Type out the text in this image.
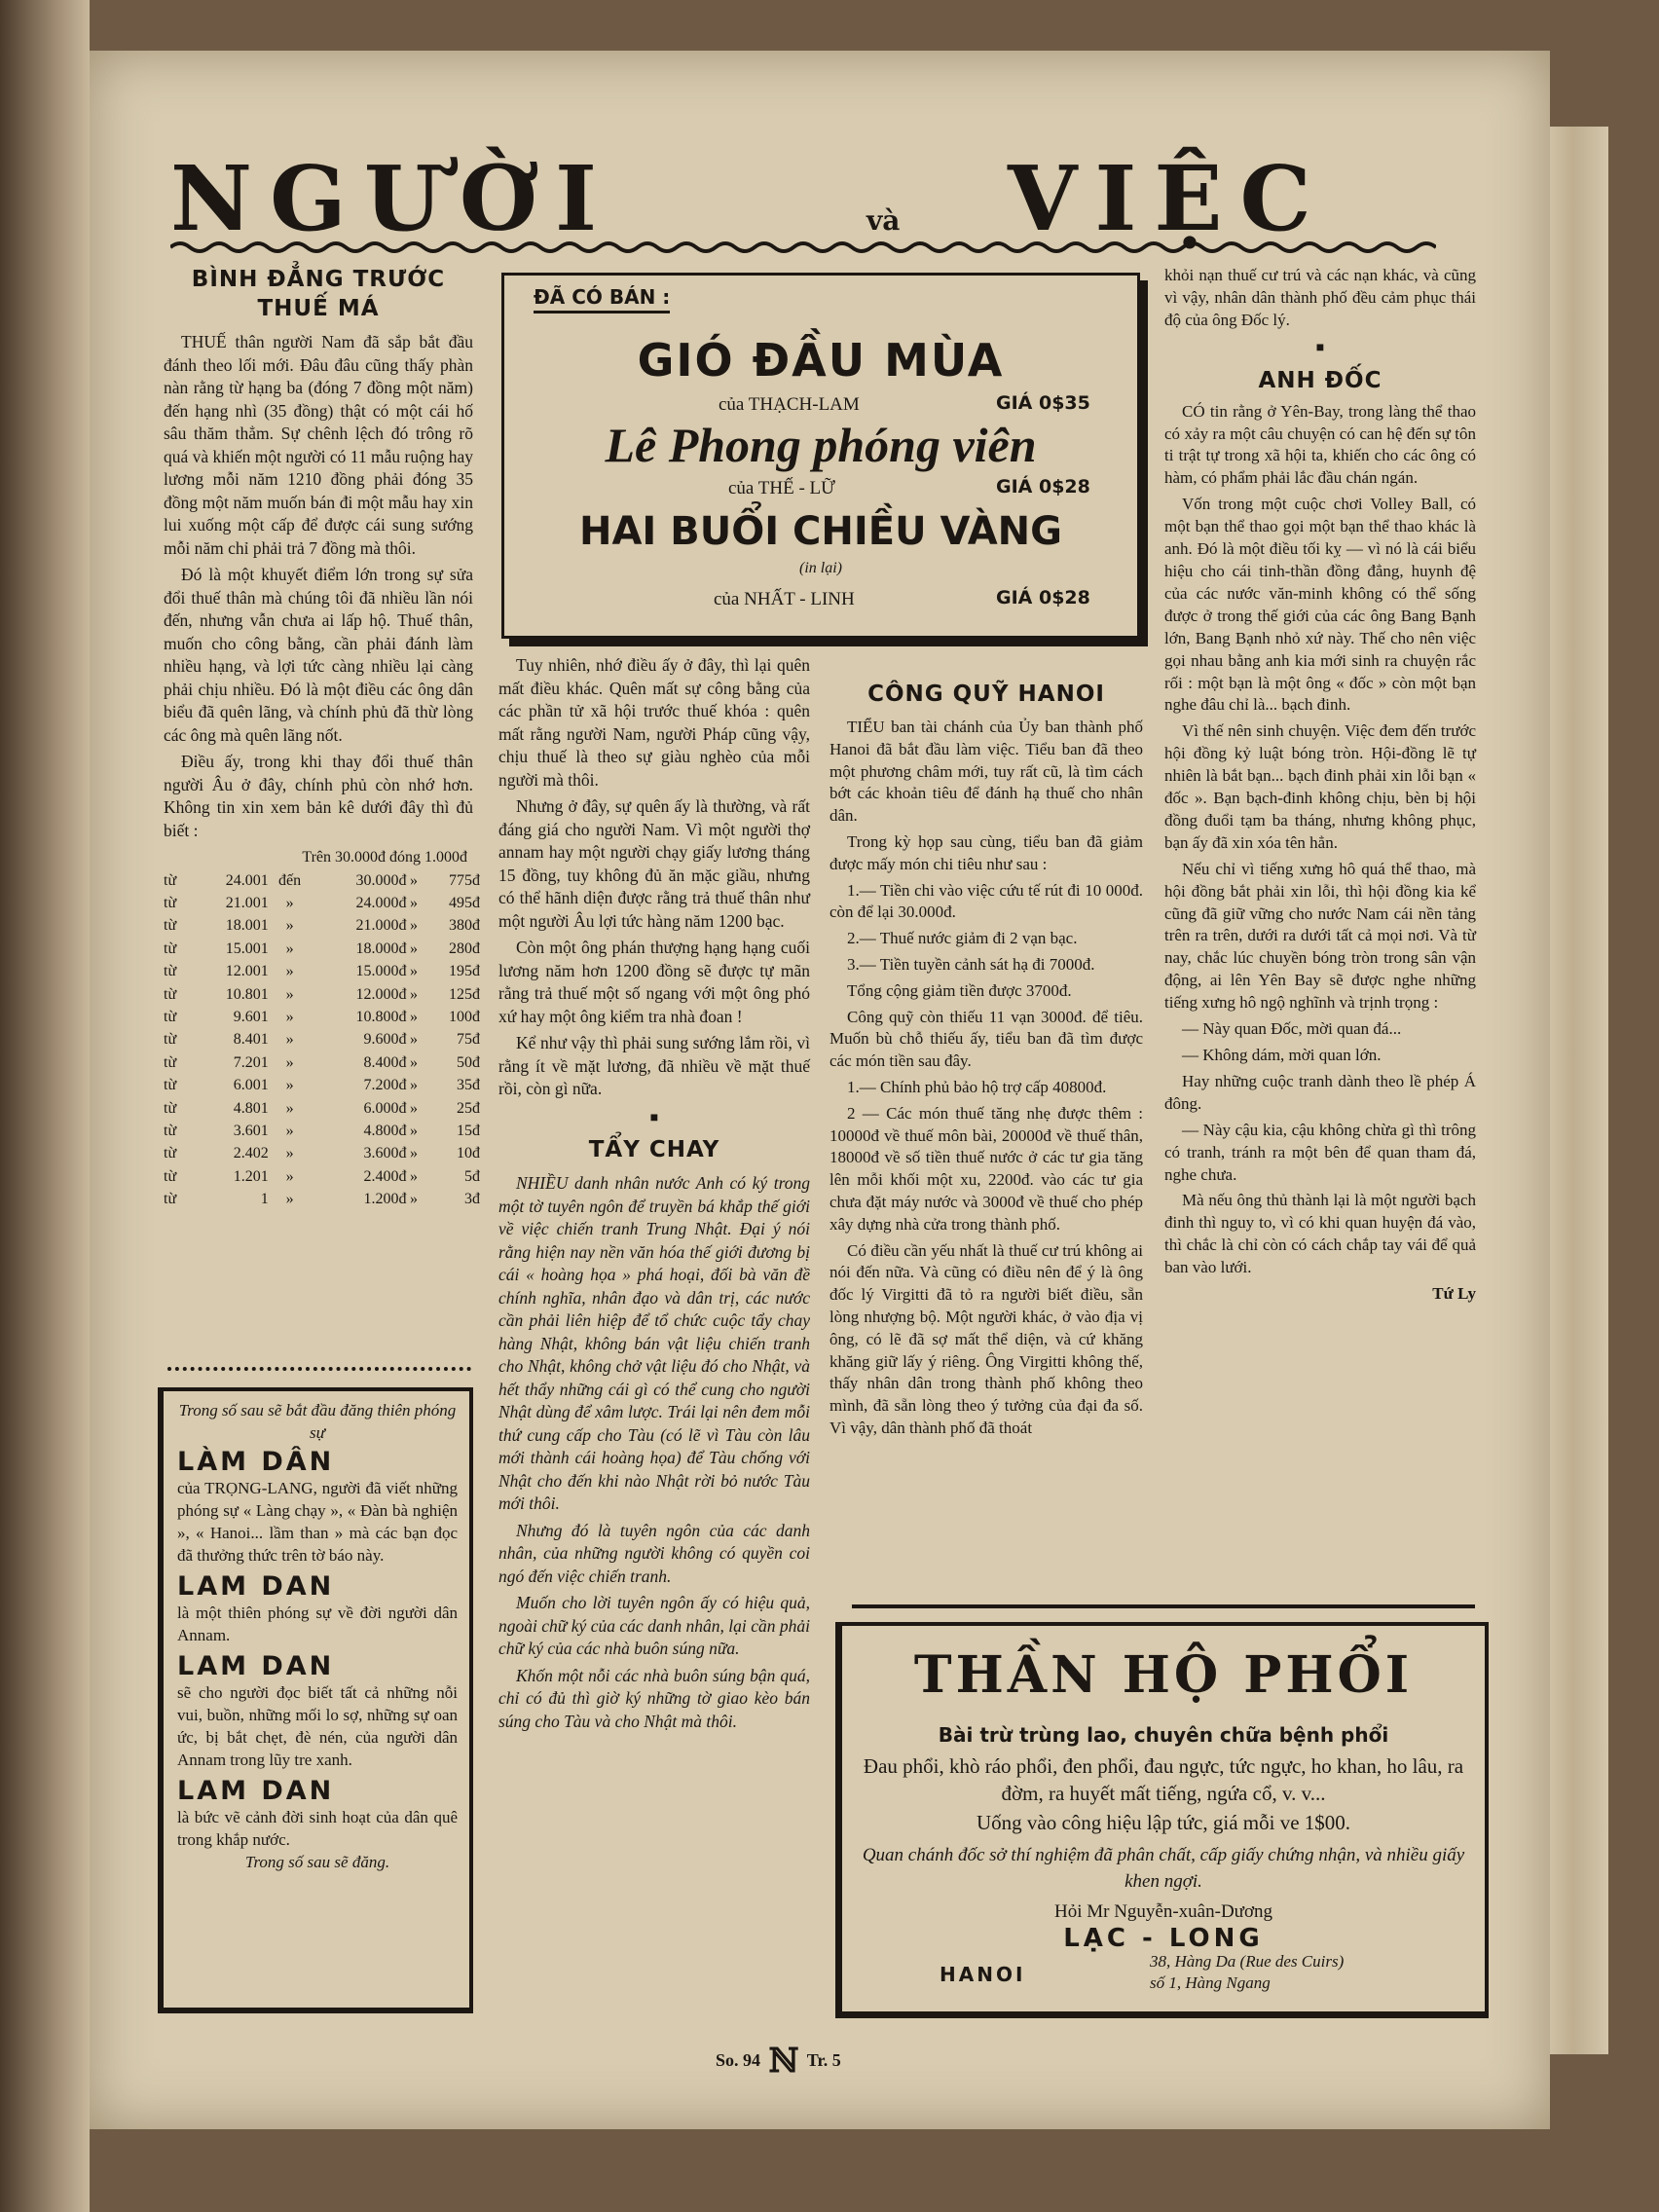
NGƯỜI	và VIỆC
BÌNH ĐẲNG TRƯỚC
THUẾ MÁ

THUẾ thân người Nam đã sắp bắt đầu đánh theo lối mới. Đâu đâu cũng thấy phàn nàn rằng từ hạng ba (đóng 7 đồng một năm) đến hạng nhì (35 đồng) thật có một cái hố sâu thăm thẳm. Sự chênh lệch đó trông rõ quá và khiến một người có 11 mẫu ruộng hay lương mỗi năm 1210 đồng phải đóng 35 đồng một năm muốn bán đi một mẫu hay xin lui xuống một cấp để được cái sung sướng mỗi năm chỉ phải trả 7 đồng mà thôi.

Đó là một khuyết điểm lớn trong sự sửa đổi thuế thân mà chúng tôi đã nhiều lần nói đến, nhưng vẫn chưa ai lấp hộ. Thuế thân, muốn cho công bằng, cần phải đánh làm nhiều hạng, và lợi tức càng nhiều lại càng phải chịu nhiều. Đó là một điều các ông dân biểu đã quên lãng, và chính phủ đã thừ lòng các ông mà quên lãng nốt.

Điều ấy, trong khi thay đổi thuế thân người Âu ở đây, chính phủ còn nhớ hơn. Không tin xin xem bản kê dưới đây thì đủ biết :

Trên 30.000đ đóng 1.000đ
từ	24.001	đến	30.000đ	»	775đ
từ	21.001	»	24.000đ	»	495đ
từ	18.001	»	21.000đ	»	380đ
từ	15.001	»	18.000đ	»	280đ
từ	12.001	»	15.000đ	»	195đ
từ	10.801	»	12.000đ	»	125đ
từ	9.601	»	10.800đ	»	100đ
từ	8.401	»	9.600đ	»	75đ
từ	7.201	»	8.400đ	»	50đ
từ	6.001	»	7.200đ	»	35đ
từ	4.801	»	6.000đ	»	25đ
từ	3.601	»	4.800đ	»	15đ
từ	2.402	»	3.600đ	»	10đ
từ	1.201	»	2.400đ	»	5đ
từ	1	»	1.200đ	»	3đ
Trong số sau sẽ bắt đầu đăng thiên phóng sự
LÀM DÂN
của TRỌNG-LANG, người đã viết những phóng sự « Làng chạy », « Đàn bà nghiện », « Hanoi... lầm than » mà các bạn đọc đã thưởng thức trên tờ báo này.
LAM DAN
là một thiên phóng sự về đời người dân Annam.
LAM DAN
sẽ cho người đọc biết tất cả những nỗi vui, buồn, những mối lo sợ, những sự oan ức, bị bắt chẹt, đè nén, của người dân Annam trong lũy tre xanh.
LAM DAN
là bức vẽ cảnh đời sinh hoạt của dân quê trong khắp nước.
Trong số sau sẽ đăng.
ĐÃ CÓ BÁN :
GIÓ ĐẦU MÙA
của THẠCH-LAM	GIÁ 0$35
Lê Phong phóng viên
của THẾ - LỮ	GIÁ 0$28
HAI BUỔI CHIỀU VÀNG
(in lại)
của NHẤT - LINH	GIÁ 0$28

Tuy nhiên, nhớ điều ấy ở đây, thì lại quên mất điều khác. Quên mất sự công bằng của các phần tử xã hội trước thuế khóa : quên mất rằng người Nam, người Pháp cũng vậy, chịu thuế là theo sự giàu nghèo của mỗi người mà thôi.

Nhưng ở đây, sự quên ấy là thường, và rất đáng giá cho người Nam. Vì một người thợ annam hay một người chạy giấy lương tháng 15 đồng, tuy không đủ ăn mặc giầu, nhưng có thể hãnh diện được rằng trả thuế thân như một người Âu lợi tức hàng năm 1200 bạc.

Còn một ông phán thượng hạng hạng cuối lương năm hơn 1200 đồng sẽ được tự mãn rằng trả thuế một số ngang với một ông phó xứ hay một ông kiểm tra nhà đoan !

Kể như vậy thì phải sung sướng lắm rồi, vì rằng ít về mặt lương, đã nhiều về mặt thuế rồi, còn gì nữa.

■
TẨY CHAY

NHIỀU danh nhân nước Anh có ký trong một tờ tuyên ngôn để truyền bá khắp thế giới về việc chiến tranh Trung Nhật. Đại ý nói rằng hiện nay nền văn hóa thế giới đương bị cái « hoàng họa » phá hoại, đối bà văn đề chính nghĩa, nhân đạo và dân trị, các nước cần phải liên hiệp để tổ chức cuộc tẩy chay hàng Nhật, không bán vật liệu chiến tranh cho Nhật, không chở vật liệu đó cho Nhật, và hết thẩy những cái gì có thể cung cho người Nhật dùng để xâm lược. Trái lại nên đem mỗi thứ cung cấp cho Tàu (có lẽ vì Tàu còn lâu mới thành cái hoàng họa) để Tàu chống với Nhật cho đến khi nào Nhật rời bỏ nước Tàu mới thôi.

Nhưng đó là tuyên ngôn của các danh nhân, của những người không có quyền coi ngó đến việc chiến tranh.

Muốn cho lời tuyên ngôn ấy có hiệu quả, ngoài chữ ký của các danh nhân, lại cần phải chữ ký của các nhà buôn súng nữa.

Khốn một nỗi các nhà buôn súng bận quá, chỉ có đủ thì giờ ký những tờ giao kèo bán súng cho Tàu và cho Nhật mà thôi.

CÔNG QUỸ HANOI

TIỂU ban tài chánh của Ủy ban thành phố Hanoi đã bắt đầu làm việc. Tiểu ban đã theo một phương châm mới, tuy rất cũ, là tìm cách bớt các khoản tiêu để đánh hạ thuế cho nhân dân.

Trong kỳ họp sau cùng, tiểu ban đã giảm được mấy món chi tiêu như sau :

1.— Tiền chi vào việc cứu tế rút đi 10 000đ. còn để lại 30.000đ.

2.— Thuế nước giảm đi 2 vạn bạc.

3.— Tiền tuyền cảnh sát hạ đi 7000đ.

Tổng cộng giảm tiền được 3700đ.

Công quỹ còn thiếu 11 vạn 3000đ. để tiêu. Muốn bù chỗ thiếu ấy, tiểu ban đã tìm được các món tiền sau đây.

1.— Chính phủ bảo hộ trợ cấp 40800đ.

2 — Các món thuế tăng nhẹ được thêm : 10000đ về thuế môn bài, 20000đ về thuế thân, 18000đ về số tiền thuế nước ở các tư gia tăng lên mỗi khối một xu, 2200đ. vào các tư gia chưa đặt máy nước và 3000đ về thuế cho phép xây dựng nhà cửa trong thành phố.

Có điều cần yếu nhất là thuế cư trú không ai nói đến nữa. Và cũng có điều nên để ý là ông đốc lý Virgitti đã tỏ ra người biết điều, sẵn lòng nhượng bộ. Một người khác, ở vào địa vị ông, có lẽ đã sợ mất thể diện, và cứ khăng khăng giữ lấy ý riêng. Ông Virgitti không thế, thấy nhân dân trong thành phố không theo mình, đã sẵn lòng theo ý tưởng của đại đa số. Vì vậy, dân thành phố đã thoát

khỏi nạn thuế cư trú và các nạn khác, và cũng vì vậy, nhân dân thành phố đều cảm phục thái độ của ông Đốc lý.

■
ANH ĐỐC

CÓ tin rằng ở Yên-Bay, trong làng thể thao có xảy ra một câu chuyện có can hệ đến sự tôn ti trật tự trong xã hội ta, khiến cho các ông có hàm, có phẩm phải lắc đầu chán ngán.

Vốn trong một cuộc chơi Volley Ball, có một bạn thể thao gọi một bạn thể thao khác là anh. Đó là một điều tối kỵ — vì nó là cái biểu hiệu cho cái tinh-thần đồng đẳng, huynh đệ của các nước văn-minh không có thể sống được ở trong thế giới của các ông Bang Bạnh lớn, Bang Bạnh nhỏ xứ này. Thế cho nên việc gọi nhau bằng anh kia mới sinh ra chuyện rắc rối : một bạn là một ông « đốc » còn một bạn nghe đâu chỉ là... bạch đinh.

Vì thế nên sinh chuyện. Việc đem đến trước hội đồng kỷ luật bóng tròn. Hội-đồng lẽ tự nhiên là bắt bạn... bạch đinh phải xin lỗi bạn « đốc ». Bạn bạch-đinh không chịu, bèn bị hội đồng đuổi tạm ba tháng, nhưng không phục, bạn ấy đã xin xóa tên hẳn.

Nếu chỉ vì tiếng xưng hô quá thể thao, mà hội đồng bắt phải xin lỗi, thì hội đồng kia kể cũng đã giữ vững cho nước Nam cái nền tảng trên ra trên, dưới ra dưới tất cả mọi nơi. Và từ nay, chắc lúc chuyền bóng tròn trong sân vận động, ai lên Yên Bay sẽ được nghe những tiếng xưng hô ngộ nghĩnh và trịnh trọng :

— Này quan Đốc, mời quan đá...

— Không dám, mời quan lớn.

Hay những cuộc tranh dành theo lề phép Á đông.

— Này cậu kia, cậu không chừa gì thì trông có tranh, tránh ra một bên để quan tham đá, nghe chưa.

Mà nếu ông thủ thành lại là một người bạch đinh thì nguy to, vì có khi quan huyện đá vào, thì chắc là chỉ còn có cách chắp tay vái để quả ban vào lưới.

Tứ Ly
THẦN HỘ PHỔI
Bài trừ trùng lao, chuyên chữa bệnh phổi
Đau phổi, khò ráo phổi, đen phổi, đau ngực, tức ngực, ho khan, ho lâu, ra đờm, ra huyết mất tiếng, ngứa cổ, v. v...
Uống vào công hiệu lập tức, giá mỗi ve 1$00.
Quan chánh đốc sở thí nghiệm đã phân chất, cấp giấy chứng nhận, và nhiều giấy khen ngợi.
Hỏi Mr Nguyễn-xuân-Dương
LẠC - LONG
HANOI
38, Hàng Da (Rue des Cuirs)
số 1, Hàng Ngang
So. 94 ℕ Tr. 5
